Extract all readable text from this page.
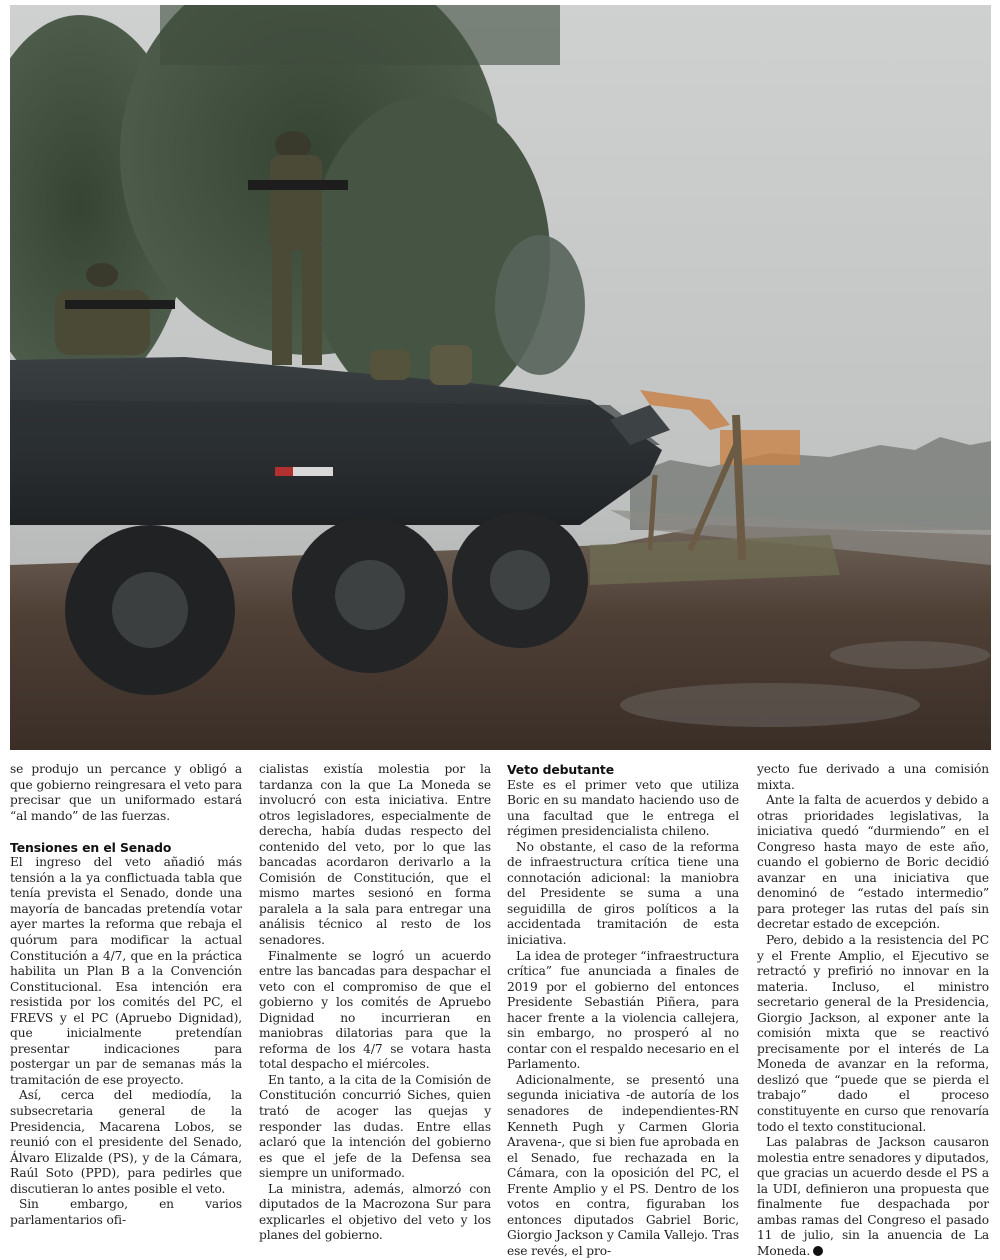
se produjo un percance y obligó a que gobierno reingresara el veto para precisar que un uniformado estará “al mando” de las fuerzas.

Tensiones en el Senado

El ingreso del veto añadió más tensión a la ya conflictuada tabla que tenía prevista el Senado, donde una mayoría de bancadas pretendía votar ayer martes la reforma que rebaja el quórum para modificar la actual Constitución a 4/7, que en la práctica habilita un Plan B a la Convención Constitucional. Esa intención era resistida por los comités del PC, el FREVS y el PC (Apruebo Dignidad), que inicialmente pretendían presentar indicaciones para postergar un par de semanas más la tramitación de ese proyecto.

Así, cerca del mediodía, la subsecretaria general de la Presidencia, Macarena Lobos, se reunió con el presidente del Senado, Álvaro Elizalde (PS), y de la Cámara, Raúl Soto (PPD), para pedirles que discutieran lo antes posible el veto.

Sin embargo, en varios parlamentarios ofi-

cialistas existía molestia por la tardanza con la que La Moneda se involucró con esta iniciativa. Entre otros legisladores, especialmente de derecha, había dudas respecto del contenido del veto, por lo que las bancadas acordaron derivarlo a la Comisión de Constitución, que el mismo martes sesionó en forma paralela a la sala para entregar una análisis técnico al resto de los senadores.

Finalmente se logró un acuerdo entre las bancadas para despachar el veto con el compromiso de que el gobierno y los comités de Apruebo Dignidad no incurrieran en maniobras dilatorias para que la reforma de los 4/7 se votara hasta total despacho el miércoles.

En tanto, a la cita de la Comisión de Constitución concurrió Siches, quien trató de acoger las quejas y responder las dudas. Entre ellas aclaró que la intención del gobierno es que el jefe de la Defensa sea siempre un uniformado.

La ministra, además, almorzó con diputados de la Macrozona Sur para explicarles el objetivo del veto y los planes del gobierno.

Veto debutante

Este es el primer veto que utiliza Boric en su mandato haciendo uso de una facultad que le entrega el régimen presidencialista chileno.

No obstante, el caso de la reforma de infraestructura crítica tiene una connotación adicional: la maniobra del Presidente se suma a una seguidilla de giros políticos a la accidentada tramitación de esta iniciativa.

La idea de proteger “infraestructura crítica” fue anunciada a finales de 2019 por el gobierno del entonces Presidente Sebastián Piñera, para hacer frente a la violencia callejera, sin embargo, no prosperó al no contar con el respaldo necesario en el Parlamento.

Adicionalmente, se presentó una segunda iniciativa -de autoría de los senadores de independientes-RN Kenneth Pugh y Carmen Gloria Aravena-, que si bien fue aprobada en el Senado, fue rechazada en la Cámara, con la oposición del PC, el Frente Amplio y el PS. Dentro de los votos en contra, figuraban los entonces diputados Gabriel Boric, Giorgio Jackson y Camila Vallejo. Tras ese revés, el pro-

yecto fue derivado a una comisión mixta.

Ante la falta de acuerdos y debido a otras prioridades legislativas, la iniciativa quedó “durmiendo” en el Congreso hasta mayo de este año, cuando el gobierno de Boric decidió avanzar en una iniciativa que denominó de “estado intermedio” para proteger las rutas del país sin decretar estado de excepción.

Pero, debido a la resistencia del PC y el Frente Amplio, el Ejecutivo se retractó y prefirió no innovar en la materia. Incluso, el ministro secretario general de la Presidencia, Giorgio Jackson, al exponer ante la comisión mixta que se reactivó precisamente por el interés de La Moneda de avanzar en la reforma, deslizó que “puede que se pierda el trabajo” dado el proceso constituyente en curso que renovaría todo el texto constitucional.

Las palabras de Jackson causaron molestia entre senadores y diputados, que gracias un acuerdo desde el PS a la UDI, definieron una propuesta que finalmente fue despachada por ambas ramas del Congreso el pasado 11 de julio, sin la anuencia de La Moneda.
